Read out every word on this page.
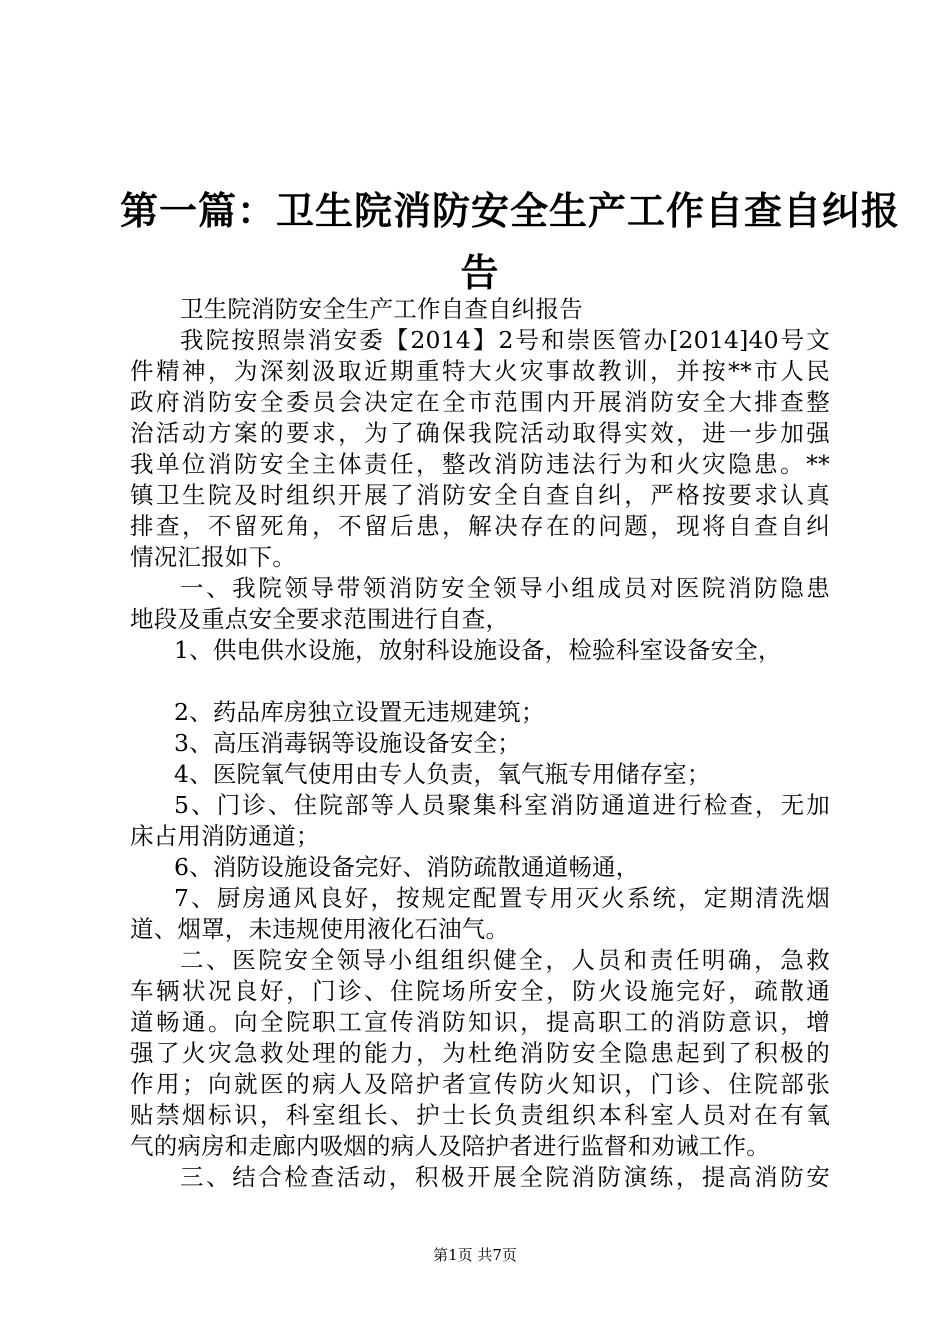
第一篇：卫生院消防安全生产工作自查自纠报
告
卫生院消防安全生产工作自查自纠报告
我院按照崇消安委【2014】2号和崇医管办[2014]40号文
件精神，为深刻汲取近期重特大火灾事故教训，并按**市人民
政府消防安全委员会决定在全市范围内开展消防安全大排查整
治活动方案的要求，为了确保我院活动取得实效，进一步加强
我单位消防安全主体责任，整改消防违法行为和火灾隐患。**
镇卫生院及时组织开展了消防安全自查自纠，严格按要求认真
排查，不留死角，不留后患，解决存在的问题，现将自查自纠
情况汇报如下。
一、我院领导带领消防安全领导小组成员对医院消防隐患
地段及重点安全要求范围进行自查，
1、供电供水设施，放射科设施设备，检验科室设备安全，
2、药品库房独立设置无违规建筑；
3、高压消毒锅等设施设备安全；
4、医院氧气使用由专人负责，氧气瓶专用储存室；
5、门诊、住院部等人员聚集科室消防通道进行检查，无加
床占用消防通道；
6、消防设施设备完好、消防疏散通道畅通，
7、厨房通风良好，按规定配置专用灭火系统，定期清洗烟
道、烟罩，未违规使用液化石油气。
二、医院安全领导小组组织健全，人员和责任明确，急救
车辆状况良好，门诊、住院场所安全，防火设施完好，疏散通
道畅通。向全院职工宣传消防知识，提高职工的消防意识，增
强了火灾急救处理的能力，为杜绝消防安全隐患起到了积极的
作用；向就医的病人及陪护者宣传防火知识，门诊、住院部张
贴禁烟标识，科室组长、护士长负责组织本科室人员对在有氧
气的病房和走廊内吸烟的病人及陪护者进行监督和劝诫工作。
三、结合检查活动，积极开展全院消防演练，提高消防安
第1页 共7页
